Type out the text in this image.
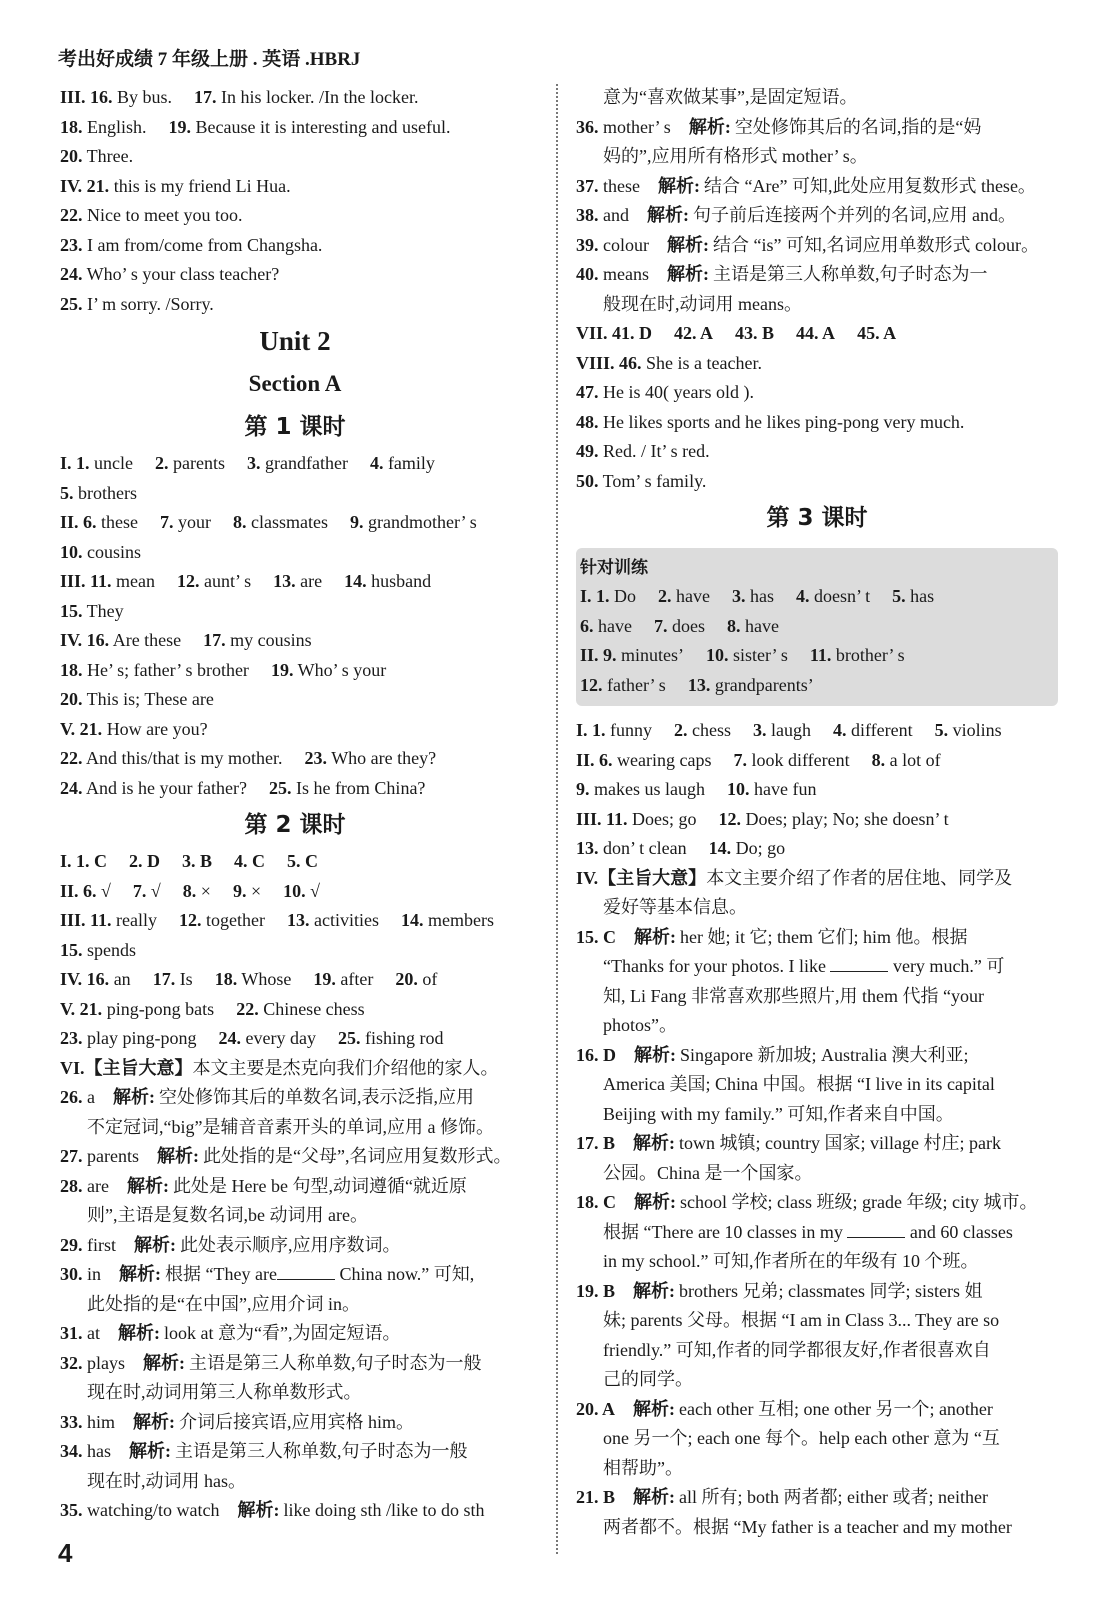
考出好成绩 7 年级上册 . 英语 .HBRJ
III. 16. By bus. 17. In his locker. /In the locker.
18. English. 19. Because it is interesting and useful.
20. Three.
IV. 21. this is my friend Li Hua.
22. Nice to meet you too.
23. I am from/come from Changsha.
24. Who’ s your class teacher?
25. I’ m sorry. /Sorry.
Unit 2
Section A
第 1 课时
I. 1. uncle 2. parents 3. grandfather 4. family
5. brothers
II. 6. these 7. your 8. classmates 9. grandmother’ s
10. cousins
III. 11. mean 12. aunt’ s 13. are 14. husband
15. They
IV. 16. Are these 17. my cousins
18. He’ s; father’ s brother 19. Who’ s your
20. This is; These are
V. 21. How are you?
22. And this/that is my mother. 23. Who are they?
24. And is he your father? 25. Is he from China?
第 2 课时
I. 1. C 2. D 3. B 4. C 5. C
II. 6. √ 7. √ 8. × 9. × 10. √
III. 11. really 12. together 13. activities 14. members
15. spends
IV. 16. an 17. Is 18. Whose 19. after 20. of
V. 21. ping-pong bats 22. Chinese chess
23. play ping-pong 24. every day 25. fishing rod
VI.【主旨大意】本文主要是杰克向我们介绍他的家人。
26. a 解析: 空处修饰其后的单数名词,表示泛指,应用
不定冠词,“big”是辅音音素开头的单词,应用 a 修饰。
27. parents 解析: 此处指的是“父母”,名词应用复数形式。
28. are 解析: 此处是 Here be 句型,动词遵循“就近原
则”,主语是复数名词,be 动词用 are。
29. first 解析: 此处表示顺序,应用序数词。
30. in 解析: 根据 “They are	China now.” 可知,
此处指的是“在中国”,应用介词 in。
31. at 解析: look at 意为“看”,为固定短语。
32. plays 解析: 主语是第三人称单数,句子时态为一般
现在时,动词用第三人称单数形式。
33. him 解析: 介词后接宾语,应用宾格 him。
34. has 解析: 主语是第三人称单数,句子时态为一般
现在时,动词用 has。
35. watching/to watch 解析: like doing sth /like to do sth
意为“喜欢做某事”,是固定短语。
36. mother’ s 解析: 空处修饰其后的名词,指的是“妈
妈的”,应用所有格形式 mother’ s。
37. these 解析: 结合 “Are” 可知,此处应用复数形式 these。
38. and 解析: 句子前后连接两个并列的名词,应用 and。
39. colour 解析: 结合 “is” 可知,名词应用单数形式 colour。
40. means 解析: 主语是第三人称单数,句子时态为一
般现在时,动词用 means。
VII. 41. D 42. A 43. B 44. A 45. A
VIII. 46. She is a teacher.
47. He is 40( years old ).
48. He likes sports and he likes ping-pong very much.
49. Red. / It’ s red.
50. Tom’ s family.
第 3 课时
针对训练
I. 1. Do 2. have 3. has 4. doesn’ t 5. has
6. have 7. does 8. have
II. 9. minutes’ 10. sister’ s 11. brother’ s
12. father’ s 13. grandparents’
I. 1. funny 2. chess 3. laugh 4. different 5. violins
II. 6. wearing caps 7. look different 8. a lot of
9. makes us laugh 10. have fun
III. 11. Does; go 12. Does; play; No; she doesn’ t
13. don’ t clean 14. Do; go
IV.【主旨大意】本文主要介绍了作者的居住地、同学及
爱好等基本信息。
15. C 解析: her 她; it 它; them 它们; him 他。根据
“Thanks for your photos. I like	very much.” 可
知, Li Fang 非常喜欢那些照片,用 them 代指 “your
photos”。
16. D 解析: Singapore 新加坡; Australia 澳大利亚;
America 美国; China 中国。根据 “I live in its capital
Beijing with my family.” 可知,作者来自中国。
17. B 解析: town 城镇; country 国家; village 村庄; park
公园。China 是一个国家。
18. C 解析: school 学校; class 班级; grade 年级; city 城市。
根据 “There are 10 classes in my	and 60 classes
in my school.” 可知,作者所在的年级有 10 个班。
19. B 解析: brothers 兄弟; classmates 同学; sisters 姐
妹; parents 父母。根据 “I am in Class 3... They are so
friendly.” 可知,作者的同学都很友好,作者很喜欢自
己的同学。
20. A 解析: each other 互相; one other 另一个; another
one 另一个; each one 每个。help each other 意为 “互
相帮助”。
21. B 解析: all 所有; both 两者都; either 或者; neither
两者都不。根据 “My father is a teacher and my mother
4
